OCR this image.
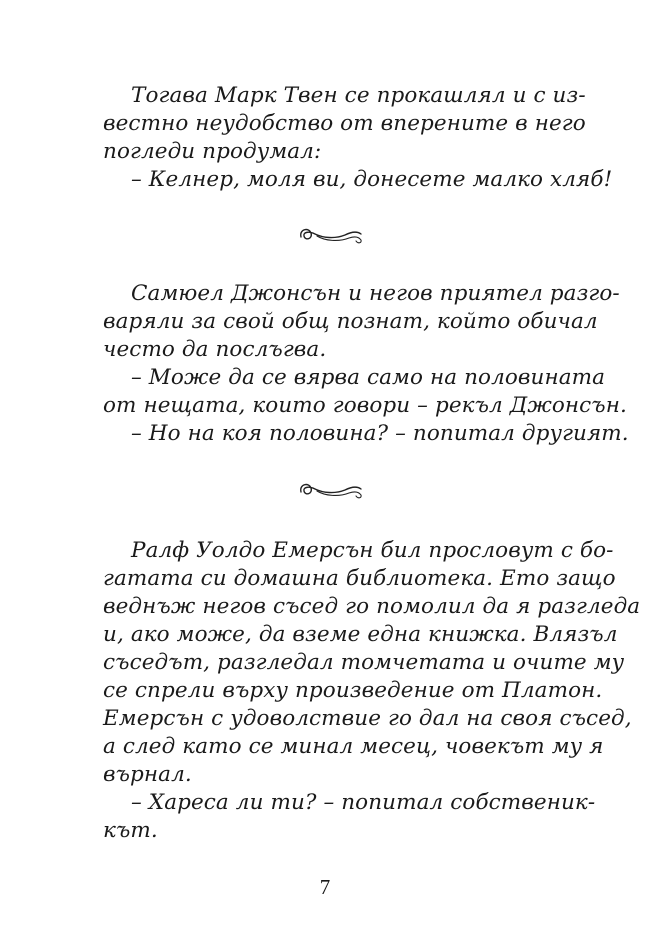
Тогава Марк Твен се прокашлял и с из-
вестно неудобство от вперените в него
погледи продумал:
– Келнер, моля ви, донесете малко хляб!
Самюел Джонсън и негов приятел разго-
варяли за свой общ познат, който обичал
често да послъгва.
– Може да се вярва само на половината
от нещата, които говори – рекъл Джонсън.
– Но на коя половина? – попитал другият.
Ралф Уолдо Емерсън бил прословут с бо-
гатата си домашна библиотека. Ето защо
веднъж негов съсед го помолил да я разгледа
и, ако може, да вземе една книжка. Влязъл
съседът, разгледал томчетата и очите му
се спрели върху произведение от Платон.
Емерсън с удоволствие го дал на своя съсед,
а след като се минал месец, човекът му я
върнал.
– Хареса ли ти? – попитал собственик-
кът.
7
